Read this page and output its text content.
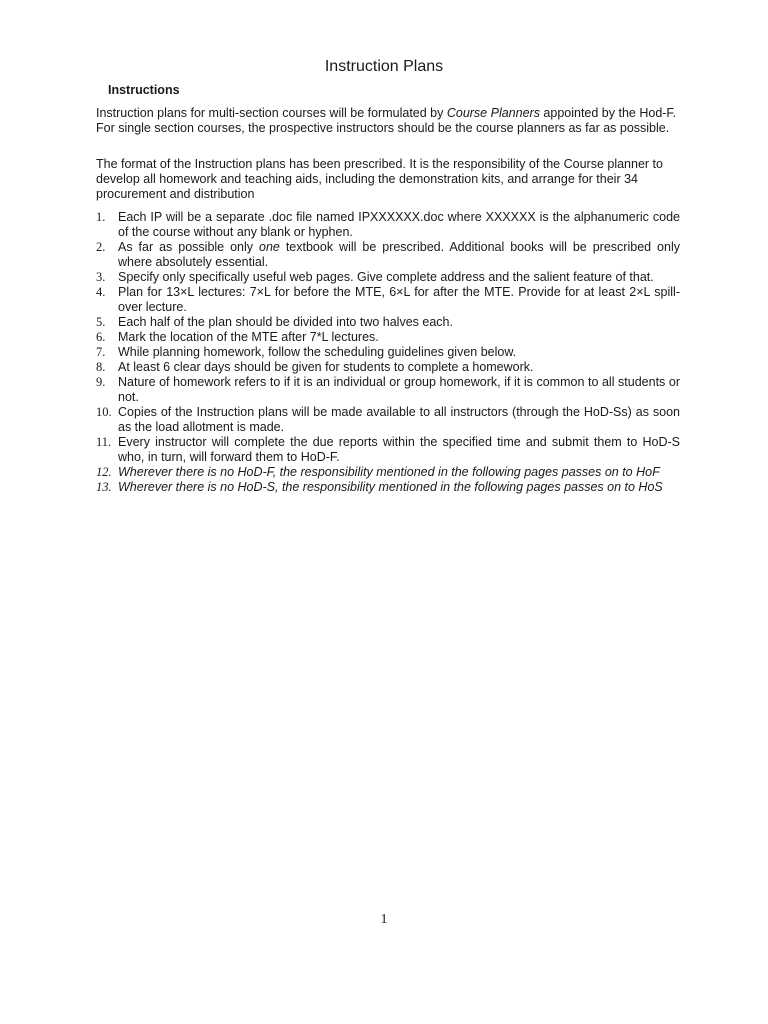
Instruction Plans
Instructions
Instruction plans for multi-section courses will be formulated by Course Planners appointed by the Hod-F. For single section courses, the prospective instructors should be the course planners as far as possible.
The format of the Instruction plans has been prescribed. It is the responsibility of the Course planner to develop all homework and teaching aids, including the demonstration kits, and arrange for their 34 procurement and distribution
1. Each IP will be a separate .doc file named IPXXXXXX.doc where XXXXXX is the alphanumeric code of the course without any blank or hyphen.
2. As far as possible only one textbook will be prescribed. Additional books will be prescribed only where absolutely essential.
3. Specify only specifically useful web pages. Give complete address and the salient feature of that.
4. Plan for 13×L lectures: 7×L for before the MTE, 6×L for after the MTE. Provide for at least 2×L spill-over lecture.
5. Each half of the plan should be divided into two halves each.
6. Mark the location of the MTE after 7*L lectures.
7. While planning homework, follow the scheduling guidelines given below.
8. At least 6 clear days should be given for students to complete a homework.
9. Nature of homework refers to if it is an individual or group homework, if it is common to all students or not.
10. Copies of the Instruction plans will be made available to all instructors (through the HoD-Ss) as soon as the load allotment is made.
11. Every instructor will complete the due reports within the specified time and submit them to HoD-S who, in turn, will forward them to HoD-F.
12. Wherever there is no HoD-F, the responsibility mentioned in the following pages passes on to HoF
13. Wherever there is no HoD-S, the responsibility mentioned in the following pages passes on to HoS
1
